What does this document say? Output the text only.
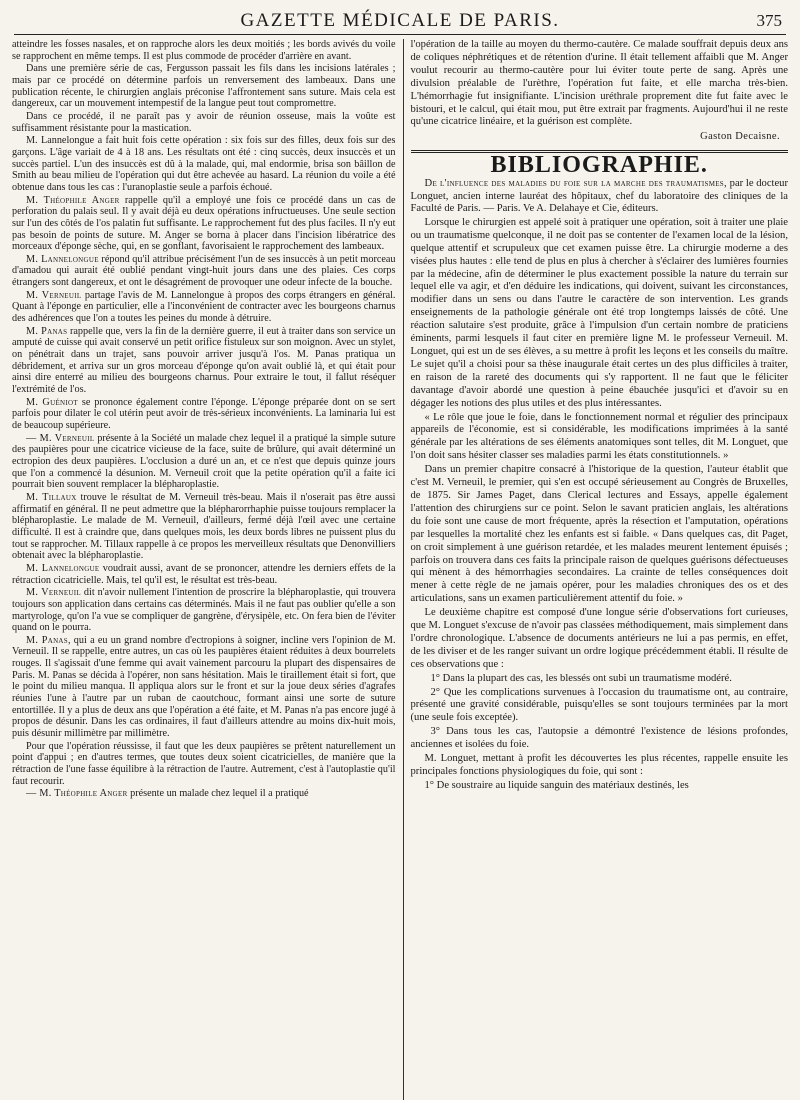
GAZETTE MÉDICALE DE PARIS.	375

atteindre les fosses nasales, et on rapproche alors les deux moitiés ; les bords avivés du voile se rapprochent en même temps. Il est plus commode de procéder d'arrière en avant.

Dans une première série de cas, Fergusson passait les fils dans les incisions latérales ; mais par ce procédé on détermine parfois un renversement des lambeaux. Dans une publication récente, le chirurgien anglais préconise l'affrontement sans suture. Mais cela est dangereux, car un mouvement intempestif de la langue peut tout compromettre.

Dans ce procédé, il ne paraît pas y avoir de réunion osseuse, mais la voûte est suffisamment résistante pour la mastication.

M. Lannelongue a fait huit fois cette opération : six fois sur des filles, deux fois sur des garçons. L'âge variait de 4 à 18 ans. Les résultats ont été : cinq succès, deux insuccès et un succès partiel. L'un des insuccès est dû à la malade, qui, mal endormie, brisa son bâillon de Smith au beau milieu de l'opération qui dut être achevée au hasard. La réunion du voile a été obtenue dans tous les cas : l'uranoplastie seule a parfois échoué.

M. Théophile Anger rappelle qu'il a employé une fois ce procédé dans un cas de perforation du palais seul. Il y avait déjà eu deux opérations infructueuses. Une seule section sur l'un des côtés de l'os palatin fut suffisante. Le rapprochement fut des plus faciles. Il n'y eut pas besoin de points de suture. M. Anger se borna à placer dans l'incision libératrice des morceaux d'éponge sèche, qui, en se gonflant, favorisaient le rapprochement des lambeaux.

M. Lannelongue répond qu'il attribue précisément l'un de ses insuccès à un petit morceau d'amadou qui aurait été oublié pendant vingt-huit jours dans une des plaies. Ces corps étrangers sont dangereux, et ont le désagrément de provoquer une odeur infecte de la bouche.

M. Verneuil partage l'avis de M. Lannelongue à propos des corps étrangers en général. Quant à l'éponge en particulier, elle a l'inconvénient de contracter avec les bourgeons charnus des adhérences que l'on a toutes les peines du monde à détruire.

M. Panas rappelle que, vers la fin de la dernière guerre, il eut à traiter dans son service un amputé de cuisse qui avait conservé un petit orifice fistuleux sur son moignon. Avec un stylet, on pénétrait dans un trajet, sans pouvoir arriver jusqu'à l'os. M. Panas pratiqua un débridement, et arriva sur un gros morceau d'éponge qu'on avait oublié là, et qui était pour ainsi dire enterré au milieu des bourgeons charnus. Pour extraire le tout, il fallut réséquer l'extrémité de l'os.

M. Guéniot se prononce également contre l'éponge. L'éponge préparée dont on se sert parfois pour dilater le col utérin peut avoir de très-sérieux inconvénients. La laminaria lui est de beaucoup supérieure.

— M. Verneuil présente à la Société un malade chez lequel il a pratiqué la simple suture des paupières pour une cicatrice vicieuse de la face, suite de brûlure, qui avait déterminé un ectropion des deux paupières. L'occlusion a duré un an, et ce n'est que depuis quinze jours que l'on a commencé la désunion. M. Verneuil croit que la petite opération qu'il a faite ici pourrait bien souvent remplacer la blépharoplastie.

M. Tillaux trouve le résultat de M. Verneuil très-beau. Mais il n'oserait pas être aussi affirmatif en général. Il ne peut admettre que la blépharorrhaphie puisse toujours remplacer la blépharoplastie. Le malade de M. Verneuil, d'ailleurs, fermé déjà l'œil avec une certaine difficulté. Il est à craindre que, dans quelques mois, les deux bords libres ne puissent plus du tout se rapprocher. M. Tillaux rappelle à ce propos les merveilleux résultats que Denonvilliers obtenait avec la blépharoplastie.

M. Lannelongue voudrait aussi, avant de se prononcer, attendre les derniers effets de la rétraction cicatricielle. Mais, tel qu'il est, le résultat est très-beau.

M. Verneuil dit n'avoir nullement l'intention de proscrire la blépharoplastie, qui trouvera toujours son application dans certains cas déterminés. Mais il ne faut pas oublier qu'elle a son martyrologe, qu'on l'a vue se compliquer de gangrène, d'érysipèle, etc. On fera bien de l'éviter quand on le pourra.

M. Panas, qui a eu un grand nombre d'ectropions à soigner, incline vers l'opinion de M. Verneuil. Il se rappelle, entre autres, un cas où les paupières étaient réduites à deux bourrelets rouges. Il s'agissait d'une femme qui avait vainement parcouru la plupart des dispensaires de Paris. M. Panas se décida à l'opérer, non sans hésitation. Mais le tiraillement était si fort, que le point du milieu manqua. Il appliqua alors sur le front et sur la joue deux séries d'agrafes réunies l'une à l'autre par un ruban de caoutchouc, formant ainsi une sorte de suture entortillée. Il y a plus de deux ans que l'opération a été faite, et M. Panas n'a pas encore jugé à propos de désunir. Dans les cas ordinaires, il faut d'ailleurs attendre au moins dix-huit mois, puis désunir millimètre par millimètre.

Pour que l'opération réussisse, il faut que les deux paupières se prêtent naturellement un point d'appui ; en d'autres termes, que toutes deux soient cicatricielles, de manière que la rétraction de l'une fasse équilibre à la rétraction de l'autre. Autrement, c'est à l'autoplastie qu'il faut recourir.

— M. Théophile Anger présente un malade chez lequel il a pratiqué

l'opération de la taille au moyen du thermo-cautère. Ce malade souffrait depuis deux ans de coliques néphrétiques et de rétention d'urine. Il était tellement affaibli que M. Anger voulut recourir au thermo-cautère pour lui éviter toute perte de sang. Après une divulsion préalable de l'urèthre, l'opération fut faite, et elle marcha très-bien. L'hémorrhagie fut insignifiante. L'incision uréthrale proprement dite fut faite avec le bistouri, et le calcul, qui était mou, put être extrait par fragments. Aujourd'hui il ne reste qu'une cicatrice linéaire, et la guérison est complète.

Gaston Decaisne.
BIBLIOGRAPHIE.

De l'influence des maladies du foie sur la marche des traumatismes, par le docteur Longuet, ancien interne lauréat des hôpitaux, chef du laboratoire des cliniques de la Faculté de Paris. — Paris. Ve A. Delahaye et Cie, éditeurs.

Lorsque le chirurgien est appelé soit à pratiquer une opération, soit à traiter une plaie ou un traumatisme quelconque, il ne doit pas se contenter de l'examen local de la lésion, quelque attentif et scrupuleux que cet examen puisse être. La chirurgie moderne a des visées plus hautes : elle tend de plus en plus à chercher à s'éclairer des lumières fournies par la médecine, afin de déterminer le plus exactement possible la nature du terrain sur lequel elle va agir, et d'en déduire les indications, qui doivent, suivant les circonstances, modifier dans un sens ou dans l'autre le caractère de son intervention. Les grands enseignements de la pathologie générale ont été trop longtemps laissés de côté. Une réaction salutaire s'est produite, grâce à l'impulsion d'un certain nombre de praticiens éminents, parmi lesquels il faut citer en première ligne M. le professeur Verneuil. M. Longuet, qui est un de ses élèves, a su mettre à profit les leçons et les conseils du maître. Le sujet qu'il a choisi pour sa thèse inaugurale était certes un des plus difficiles à traiter, en raison de la rareté des documents qui s'y rapportent. Il ne faut que le féliciter davantage d'avoir abordé une question à peine ébauchée jusqu'ici et d'avoir su en dégager les notions des plus utiles et des plus intéressantes.

« Le rôle que joue le foie, dans le fonctionnement normal et régulier des principaux appareils de l'économie, est si considérable, les modifications imprimées à la santé générale par les altérations de ses éléments anatomiques sont telles, dit M. Longuet, que l'on doit sans hésiter classer ses maladies parmi les états constitutionnels. »

Dans un premier chapitre consacré à l'historique de la question, l'auteur établit que c'est M. Verneuil, le premier, qui s'en est occupé sérieusement au Congrès de Bruxelles, de 1875. Sir James Paget, dans Clerical lectures and Essays, appelle également l'attention des chirurgiens sur ce point. Selon le savant praticien anglais, les altérations du foie sont une cause de mort fréquente, après la résection et l'amputation, opérations par lesquelles la mortalité chez les enfants est si faible. « Dans quelques cas, dit Paget, on croit simplement à une guérison retardée, et les malades meurent lentement épuisés ; parfois on trouvera dans ces faits la principale raison de quelques guérisons défectueuses qui mènent à des hémorrhagies secondaires. La crainte de telles conséquences doit mener à cette règle de ne jamais opérer, pour les maladies chroniques des os et des articulations, sans un examen particulièrement attentif du foie. »

Le deuxième chapitre est composé d'une longue série d'observations fort curieuses, que M. Longuet s'excuse de n'avoir pas classées méthodiquement, mais simplement dans l'ordre chronologique. L'absence de documents antérieurs ne lui a pas permis, en effet, de les diviser et de les ranger suivant un ordre logique précédemment établi. Il résulte de ces observations que :

1° Dans la plupart des cas, les blessés ont subi un traumatisme modéré.

2° Que les complications survenues à l'occasion du traumatisme ont, au contraire, présenté une gravité considérable, puisqu'elles se sont toujours terminées par la mort (une seule fois exceptée).

3° Dans tous les cas, l'autopsie a démontré l'existence de lésions profondes, anciennes et isolées du foie.

M. Longuet, mettant à profit les découvertes les plus récentes, rappelle ensuite les principales fonctions physiologiques du foie, qui sont :

1° De soustraire au liquide sanguin des matériaux destinés, les
